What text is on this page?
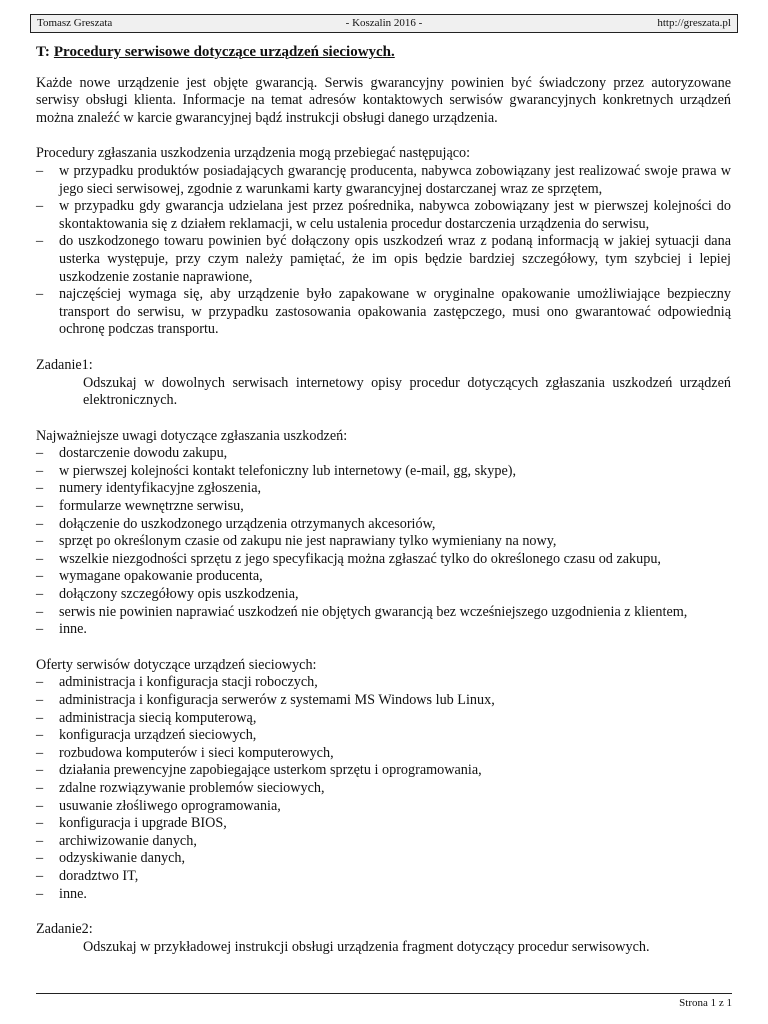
Tomasz Greszata	- Koszalin 2016 -	http://greszata.pl
T: Procedury serwisowe dotyczące urządzeń sieciowych.

Każde nowe urządzenie jest objęte gwarancją. Serwis gwarancyjny powinien być świadczony przez autoryzowane serwisy obsługi klienta. Informacje na temat adresów kontaktowych serwisów gwarancyjnych konkretnych urządzeń można znaleźć w karcie gwarancyjnej bądź instrukcji obsługi danego urządzenia.

Procedury zgłaszania uszkodzenia urządzenia mogą przebiegać następująco:

– w przypadku produktów posiadających gwarancję producenta, nabywca zobowiązany jest realizować swoje prawa w jego sieci serwisowej, zgodnie z warunkami karty gwarancyjnej dostarczanej wraz ze sprzętem,
– w przypadku gdy gwarancja udzielana jest przez pośrednika, nabywca zobowiązany jest w pierwszej kolejności do skontaktowania się z działem reklamacji, w celu ustalenia procedur dostarczenia urządzenia do serwisu,
– do uszkodzonego towaru powinien być dołączony opis uszkodzeń wraz z podaną informacją w jakiej sytuacji dana usterka występuje, przy czym należy pamiętać, że im opis będzie bardziej szczegółowy, tym szybciej i lepiej uszkodzenie zostanie naprawione,
– najczęściej wymaga się, aby urządzenie było zapakowane w oryginalne opakowanie umożliwiające bezpieczny transport do serwisu, w przypadku zastosowania opakowania zastępczego, musi ono gwarantować odpowiednią ochronę podczas transportu.

Zadanie1:

Odszukaj w dowolnych serwisach internetowy opisy procedur dotyczących zgłaszania uszkodzeń urządzeń elektronicznych.

Najważniejsze uwagi dotyczące zgłaszania uszkodzeń:

– dostarczenie dowodu zakupu,
– w pierwszej kolejności kontakt telefoniczny lub internetowy (e-mail, gg, skype),
– numery identyfikacyjne zgłoszenia,
– formularze wewnętrzne serwisu,
– dołączenie do uszkodzonego urządzenia otrzymanych akcesoriów,
– sprzęt po określonym czasie od zakupu nie jest naprawiany tylko wymieniany na nowy,
– wszelkie niezgodności sprzętu z jego specyfikacją można zgłaszać tylko do określonego czasu od zakupu,
– wymagane opakowanie producenta,
– dołączony szczegółowy opis uszkodzenia,
– serwis nie powinien naprawiać uszkodzeń nie objętych gwarancją bez wcześniejszego uzgodnienia z klientem,
– inne.

Oferty serwisów dotyczące urządzeń sieciowych:

– administracja i konfiguracja stacji roboczych,
– administracja i konfiguracja serwerów z systemami MS Windows lub Linux,
– administracja siecią komputerową,
– konfiguracja urządzeń sieciowych,
– rozbudowa komputerów i sieci komputerowych,
– działania prewencyjne zapobiegające usterkom sprzętu i oprogramowania,
– zdalne rozwiązywanie problemów sieciowych,
– usuwanie złośliwego oprogramowania,
– konfiguracja i upgrade BIOS,
– archiwizowanie danych,
– odzyskiwanie danych,
– doradztwo IT,
– inne.

Zadanie2:

Odszukaj w przykładowej instrukcji obsługi urządzenia fragment dotyczący procedur serwisowych.

Strona 1 z 1
